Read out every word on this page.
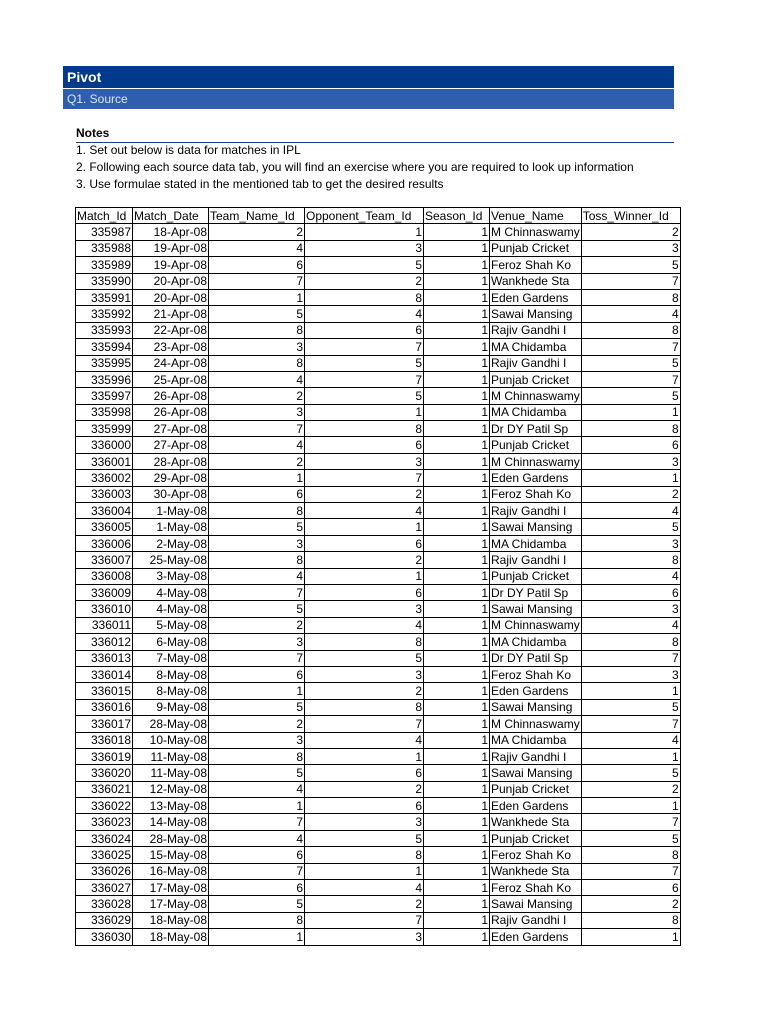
Pivot
Q1. Source
Notes
1. Set out below is data for matches in IPL
2. Following each source data tab, you will find an exercise where you are required to look up information
3. Use formulae stated in the mentioned tab to get the desired results
Match_Id	Match_Date	Team_Name_Id	Opponent_Team_Id	Season_Id	Venue_Name	Toss_Winner_Id
335987	18-Apr-08	2	1	1	M Chinnaswamy	2
335988	19-Apr-08	4	3	1	Punjab Cricket	3
335989	19-Apr-08	6	5	1	Feroz Shah Ko	5
335990	20-Apr-08	7	2	1	Wankhede Sta	7
335991	20-Apr-08	1	8	1	Eden Gardens	8
335992	21-Apr-08	5	4	1	Sawai Mansing	4
335993	22-Apr-08	8	6	1	Rajiv Gandhi I	8
335994	23-Apr-08	3	7	1	MA Chidamba	7
335995	24-Apr-08	8	5	1	Rajiv Gandhi I	5
335996	25-Apr-08	4	7	1	Punjab Cricket	7
335997	26-Apr-08	2	5	1	M Chinnaswamy	5
335998	26-Apr-08	3	1	1	MA Chidamba	1
335999	27-Apr-08	7	8	1	Dr DY Patil Sp	8
336000	27-Apr-08	4	6	1	Punjab Cricket	6
336001	28-Apr-08	2	3	1	M Chinnaswamy	3
336002	29-Apr-08	1	7	1	Eden Gardens	1
336003	30-Apr-08	6	2	1	Feroz Shah Ko	2
336004	1-May-08	8	4	1	Rajiv Gandhi I	4
336005	1-May-08	5	1	1	Sawai Mansing	5
336006	2-May-08	3	6	1	MA Chidamba	3
336007	25-May-08	8	2	1	Rajiv Gandhi I	8
336008	3-May-08	4	1	1	Punjab Cricket	4
336009	4-May-08	7	6	1	Dr DY Patil Sp	6
336010	4-May-08	5	3	1	Sawai Mansing	3
336011	5-May-08	2	4	1	M Chinnaswamy	4
336012	6-May-08	3	8	1	MA Chidamba	8
336013	7-May-08	7	5	1	Dr DY Patil Sp	7
336014	8-May-08	6	3	1	Feroz Shah Ko	3
336015	8-May-08	1	2	1	Eden Gardens	1
336016	9-May-08	5	8	1	Sawai Mansing	5
336017	28-May-08	2	7	1	M Chinnaswamy	7
336018	10-May-08	3	4	1	MA Chidamba	4
336019	11-May-08	8	1	1	Rajiv Gandhi I	1
336020	11-May-08	5	6	1	Sawai Mansing	5
336021	12-May-08	4	2	1	Punjab Cricket	2
336022	13-May-08	1	6	1	Eden Gardens	1
336023	14-May-08	7	3	1	Wankhede Sta	7
336024	28-May-08	4	5	1	Punjab Cricket	5
336025	15-May-08	6	8	1	Feroz Shah Ko	8
336026	16-May-08	7	1	1	Wankhede Sta	7
336027	17-May-08	6	4	1	Feroz Shah Ko	6
336028	17-May-08	5	2	1	Sawai Mansing	2
336029	18-May-08	8	7	1	Rajiv Gandhi I	8
336030	18-May-08	1	3	1	Eden Gardens	1
